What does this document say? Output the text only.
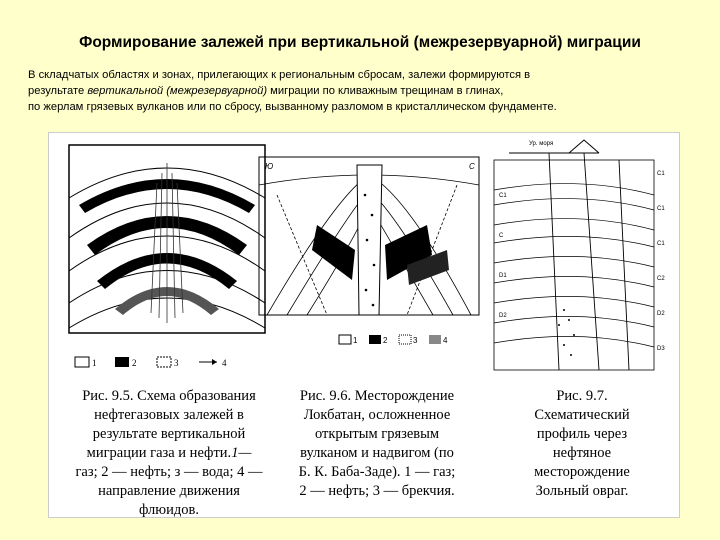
Формирование залежей при вертикальной (межрезервуарной) миграции
В складчатых областях и зонах, прилегающих к региональным сбросам, залежи формируются в
результате вертикальной (межрезервуарной) миграции по кливажным трещинам в глинах,
по жерлам грязевых вулканов или по сбросу, вызванному разломом в кристаллическом фундаменте.
1	2	3	4
Ю	С
1	2	3	4
Ур. моря
С1
С
D1
D2
С1
С1
С1
С2
D2
D3
Рис. 9.5. Схема образования
нефтегазовых залежей в
результате вертикальной
миграции газа и нефти.1—
газ; 2 — нефть; з — вода; 4 —
направление движения
флюидов.
Рис. 9.6. Месторождение
Локбатан, осложненное
открытым грязевым
вулканом и надвигом (по
Б. К. Баба-Заде). 1 — газ;
2 — нефть; 3 — брекчия.
Рис. 9.7.
Схематический
профиль через
нефтяное
месторождение
Зольный овраг.
